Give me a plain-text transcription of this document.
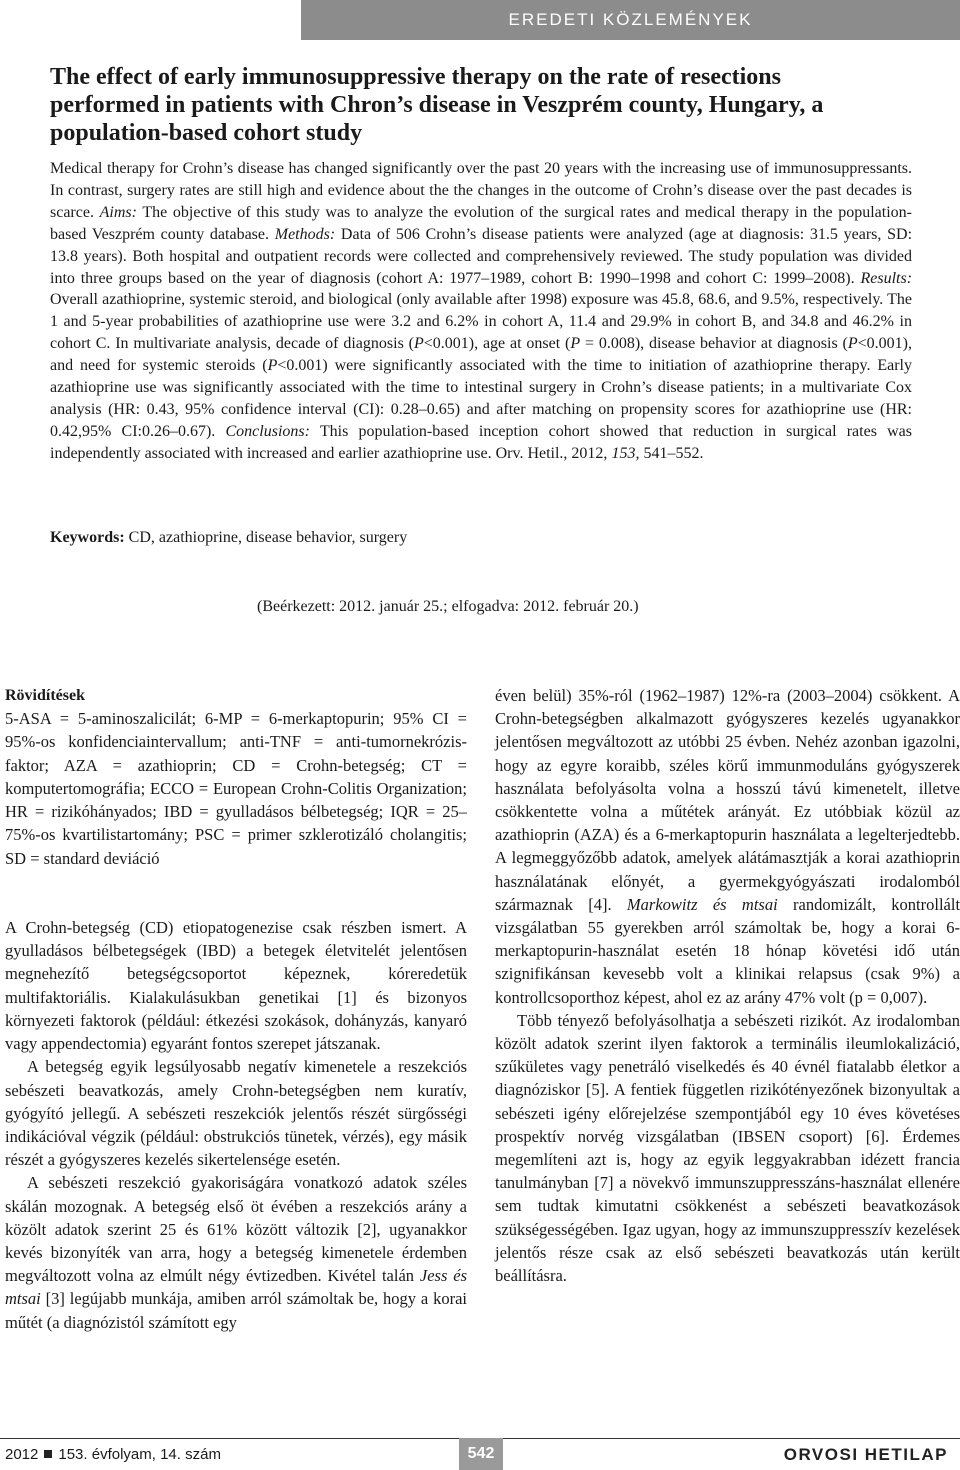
EREDETI KÖZLEMÉNYEK
The effect of early immunosuppressive therapy on the rate of resections performed in patients with Chron’s disease in Veszprém county, Hungary, a population-based cohort study

Medical therapy for Crohn’s disease has changed significantly over the past 20 years with the increasing use of immunosuppressants. In contrast, surgery rates are still high and evidence about the the changes in the outcome of Crohn’s disease over the past decades is scarce. Aims: The objective of this study was to analyze the evolution of the surgical rates and medical therapy in the population-based Veszprém county database. Methods: Data of 506 Crohn’s disease patients were analyzed (age at diagnosis: 31.5 years, SD: 13.8 years). Both hospital and outpatient records were collected and comprehensively reviewed. The study population was divided into three groups based on the year of diagnosis (cohort A: 1977–1989, cohort B: 1990–1998 and cohort C: 1999–2008). Results: Overall azathioprine, systemic steroid, and biological (only available after 1998) exposure was 45.8, 68.6, and 9.5%, respectively. The 1 and 5-year probabilities of azathioprine use were 3.2 and 6.2% in cohort A, 11.4 and 29.9% in cohort B, and 34.8 and 46.2% in cohort C. In multivariate analysis, decade of diagnosis (P<0.001), age at onset (P = 0.008), disease behavior at diagnosis (P<0.001), and need for systemic steroids (P<0.001) were significantly associated with the time to initiation of azathioprine therapy. Early azathioprine use was significantly associated with the time to intestinal surgery in Crohn’s disease patients; in a multivariate Cox analysis (HR: 0.43, 95% confidence interval (CI): 0.28–0.65) and after matching on propensity scores for azathioprine use (HR: 0.42,95% CI:0.26–0.67). Conclusions: This population-based inception cohort showed that reduction in surgical rates was independently associated with increased and earlier azathioprine use. Orv. Hetil., 2012, 153, 541–552.

Keywords: CD, azathioprine, disease behavior, surgery
(Beérkezett: 2012. január 25.; elfogadva: 2012. február 20.)

Rövidítések

5-ASA = 5-aminoszalicilát; 6-MP = 6-merkaptopurin; 95% CI = 95%-os konfidenciaintervallum; anti-TNF = anti-tumornekrózis-faktor; AZA = azathioprin; CD = Crohn-betegség; CT = komputertomográfia; ECCO = European Crohn-Colitis Organization; HR = rizikóhányados; IBD = gyulladásos bélbetegség; IQR = 25–75%-os kvartilistartomány; PSC = primer szklerotizáló cholangitis; SD = standard deviáció

A Crohn-betegség (CD) etiopatogenezise csak részben ismert. A gyulladásos bélbetegségek (IBD) a betegek életvitelét jelentősen megnehezítő betegségcsoportot képeznek, kóreredetük multifaktoriális. Kialakulásukban genetikai [1] és bizonyos környezeti faktorok (például: étkezési szokások, dohányzás, kanyaró vagy appendectomia) egyaránt fontos szerepet játszanak.

A betegség egyik legsúlyosabb negatív kimenetele a reszekciós sebészeti beavatkozás, amely Crohn-betegségben nem kuratív, gyógyító jellegű. A sebészeti reszekciók jelentős részét sürgősségi indikációval végzik (például: obstrukciós tünetek, vérzés), egy másik részét a gyógyszeres kezelés sikertelensége esetén.

A sebészeti reszekció gyakoriságára vonatkozó adatok széles skálán mozognak. A betegség első öt évében a reszekciós arány a közölt adatok szerint 25 és 61% között változik [2], ugyanakkor kevés bizonyíték van arra, hogy a betegség kimenetele érdemben megváltozott volna az elmúlt négy évtizedben. Kivétel talán Jess és mtsai [3] legújabb munkája, amiben arról számoltak be, hogy a korai műtét (a diagnózistól számított egy

éven belül) 35%-ról (1962–1987) 12%-ra (2003–2004) csökkent. A Crohn-betegségben alkalmazott gyógyszeres kezelés ugyanakkor jelentősen megváltozott az utóbbi 25 évben. Nehéz azonban igazolni, hogy az egyre koraibb, széles körű immunmoduláns gyógyszerek használata befolyásolta volna a hosszú távú kimenetelt, illetve csökkentette volna a műtétek arányát. Ez utóbbiak közül az azathioprin (AZA) és a 6-merkaptopurin használata a legelterjedtebb. A legmeggyőzőbb adatok, amelyek alátámasztják a korai azathioprin használatának előnyét, a gyermekgyógyászati irodalomból származnak [4]. Markowitz és mtsai randomizált, kontrollált vizsgálatban 55 gyerekben arról számoltak be, hogy a korai 6-merkaptopurin-használat esetén 18 hónap követési idő után szignifikánsan kevesebb volt a klinikai relapsus (csak 9%) a kontrollcsoporthoz képest, ahol ez az arány 47% volt (p = 0,007).

Több tényező befolyásolhatja a sebészeti rizikót. Az irodalomban közölt adatok szerint ilyen faktorok a terminális ileumlokalizáció, szűkületes vagy penetráló viselkedés és 40 évnél fiatalabb életkor a diagnóziskor [5]. A fentiek független rizikótényezőnek bizonyultak a sebészeti igény előrejelzése szempontjából egy 10 éves követéses prospektív norvég vizsgálatban (IBSEN csoport) [6]. Érdemes megemlíteni azt is, hogy az egyik leggyakrabban idézett francia tanulmányban [7] a növekvő immunszuppresszáns-használat ellenére sem tudtak kimutatni csökkenést a sebészeti beavatkozások szükségességében. Igaz ugyan, hogy az immunszuppresszív kezelések jelentős része csak az első sebészeti beavatkozás után került beállításra.

2012 153. évfolyam, 14. szám	542	ORVOSI HETILAP
